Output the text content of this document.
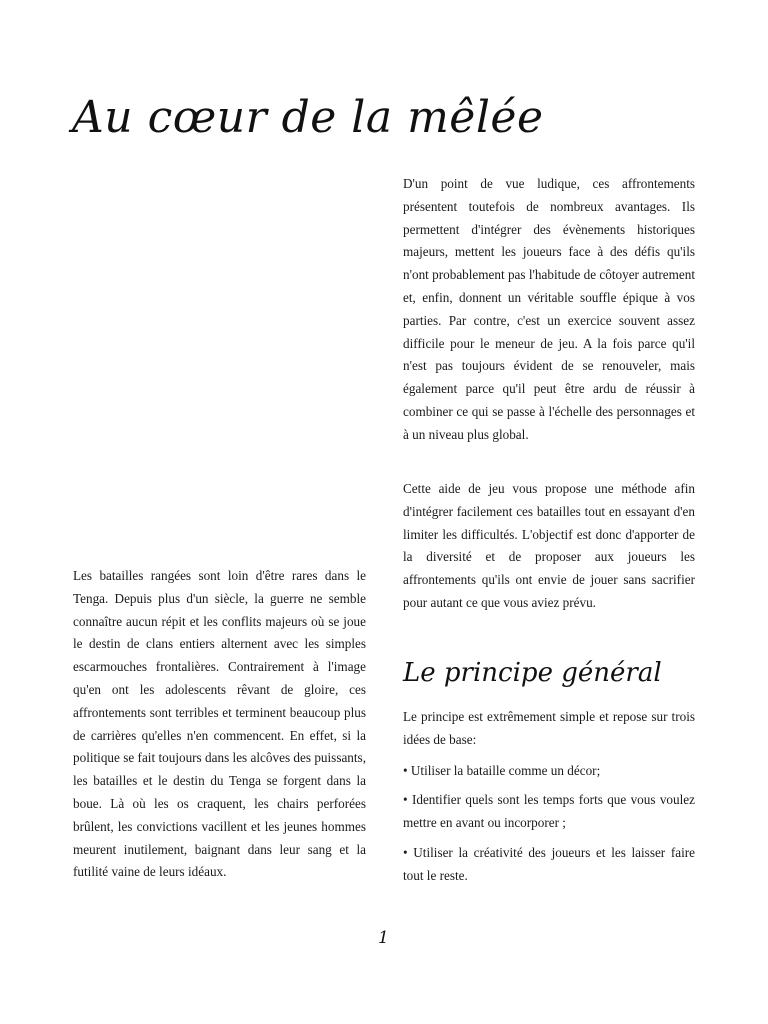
Au cœur de la mêlée

Les batailles rangées sont loin d'être rares dans le Tenga. Depuis plus d'un siècle, la guerre ne semble connaître aucun répit et les conflits majeurs où se joue le destin de clans entiers alternent avec les simples escarmouches frontalières. Contrairement à l'image qu'en ont les adolescents rêvant de gloire, ces affrontements sont terribles et terminent beaucoup plus de carrières qu'elles n'en commencent. En effet, si la politique se fait toujours dans les alcôves des puissants, les batailles et le destin du Tenga se forgent dans la boue. Là où les os craquent, les chairs perforées brûlent, les convictions vacillent et les jeunes hommes meurent inutilement, baignant dans leur sang et la futilité vaine de leurs idéaux.

D'un point de vue ludique, ces affrontements présentent toutefois de nombreux avantages. Ils permettent d'intégrer des évènements historiques majeurs, mettent les joueurs face à des défis qu'ils n'ont probablement pas l'habitude de côtoyer autrement et, enfin, donnent un véritable souffle épique à vos parties. Par contre, c'est un exercice souvent assez difficile pour le meneur de jeu. A la fois parce qu'il n'est pas toujours évident de se renouveler, mais également parce qu'il peut être ardu de réussir à combiner ce qui se passe à l'échelle des personnages et à un niveau plus global.

Cette aide de jeu vous propose une méthode afin d'intégrer facilement ces batailles tout en essayant d'en limiter les difficultés. L'objectif est donc d'apporter de la diversité et de proposer aux joueurs les affrontements qu'ils ont envie de jouer sans sacrifier pour autant ce que vous aviez prévu.

Le principe général

Le principe est extrêmement simple et repose sur trois idées de base:

• Utiliser la bataille comme un décor;

• Identifier quels sont les temps forts que vous voulez mettre en avant ou incorporer ;

• Utiliser la créativité des joueurs et les laisser faire tout le reste.

1
